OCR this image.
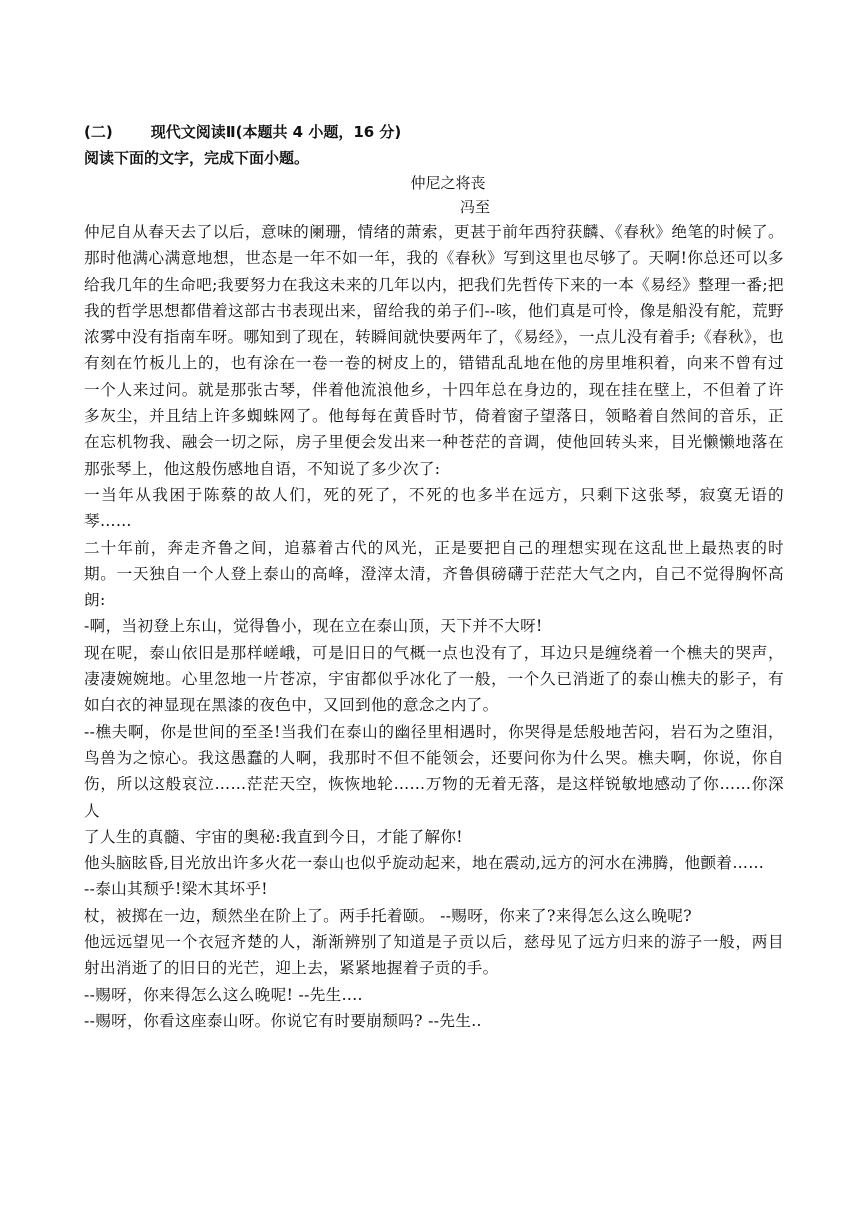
(二)	现代文阅读Ⅱ(本题共 4 小题，16 分)
阅读下面的文字，完成下面小题。
仲尼之将丧
冯至

仲尼自从春天去了以后，意味的阑珊，情绪的萧索，更甚于前年西狩获麟、《春秋》绝笔的时候了。那时他满心满意地想，世态是一年不如一年，我的《春秋》写到这里也尽够了。天啊!你总还可以多给我几年的生命吧;我要努力在我这未来的几年以内，把我们先哲传下来的一本《易经》整理一番;把我的哲学思想都借着这部古书表现出来，留给我的弟子们--咳，他们真是可怜，像是船没有舵，荒野浓雾中没有指南车呀。哪知到了现在，转瞬间就快要两年了，《易经》，一点儿没有着手;《春秋》，也有刻在竹板儿上的，也有涂在一卷一卷的树皮上的，错错乱乱地在他的房里堆积着，向来不曾有过一个人来过问。就是那张古琴，伴着他流浪他乡，十四年总在身边的，现在挂在壁上，不但着了许多灰尘，并且结上许多蜘蛛网了。他每每在黄昏时节，倚着窗子望落日，领略着自然间的音乐，正在忘机物我、融会一切之际，房子里便会发出来一种苍茫的音调，使他回转头来，目光懒懒地落在那张琴上，他这般伤感地自语，不知说了多少次了:

一当年从我困于陈蔡的故人们，死的死了，不死的也多半在远方，只剩下这张琴，寂寞无语的琴……

二十年前，奔走齐鲁之间，追慕着古代的风光，正是要把自己的理想实现在这乱世上最热衷的时期。一天独自一个人登上泰山的高峰，澄滓太清，齐鲁俱磅礴于茫茫大气之内，自己不觉得胸怀高朗:

-啊，当初登上东山，觉得鲁小，现在立在泰山顶，天下并不大呀!

现在呢，泰山依旧是那样嵯峨，可是旧日的气概一点也没有了，耳边只是缠绕着一个樵夫的哭声，凄凄婉婉地。心里忽地一片苍凉，宇宙都似乎冰化了一般，一个久已消逝了的泰山樵夫的影子，有如白衣的神显现在黑漆的夜色中，又回到他的意念之内了。

--樵夫啊，你是世间的至圣!当我们在泰山的幽径里相遇时，你哭得是恁般地苦闷，岩石为之堕泪，鸟兽为之惊心。我这愚蠢的人啊，我那时不但不能领会，还要问你为什么哭。樵夫啊，你说，你自伤，所以这般哀泣……茫茫天空，恢恢地轮……万物的无着无落，是这样锐敏地感动了你……你深人

了人生的真髓、宇宙的奥秘:我直到今日，才能了解你!

他头脑眩昏,目光放出许多火花一泰山也似乎旋动起来，地在震动,远方的河水在沸腾，他颤着……

--泰山其颓乎!梁木其坏乎!

杖，被掷在一边，颓然坐在阶上了。两手托着颐。 --赐呀，你来了?来得怎么这么晚呢?

他远远望见一个衣冠齐楚的人，渐渐辨别了知道是子贡以后，慈母见了远方归来的游子一般，两目射出消逝了的旧日的光芒，迎上去，紧紧地握着子贡的手。

--赐呀，你来得怎么这么晚呢! --先生....

--赐呀，你看这座泰山呀。你说它有时要崩颓吗? --先生..
